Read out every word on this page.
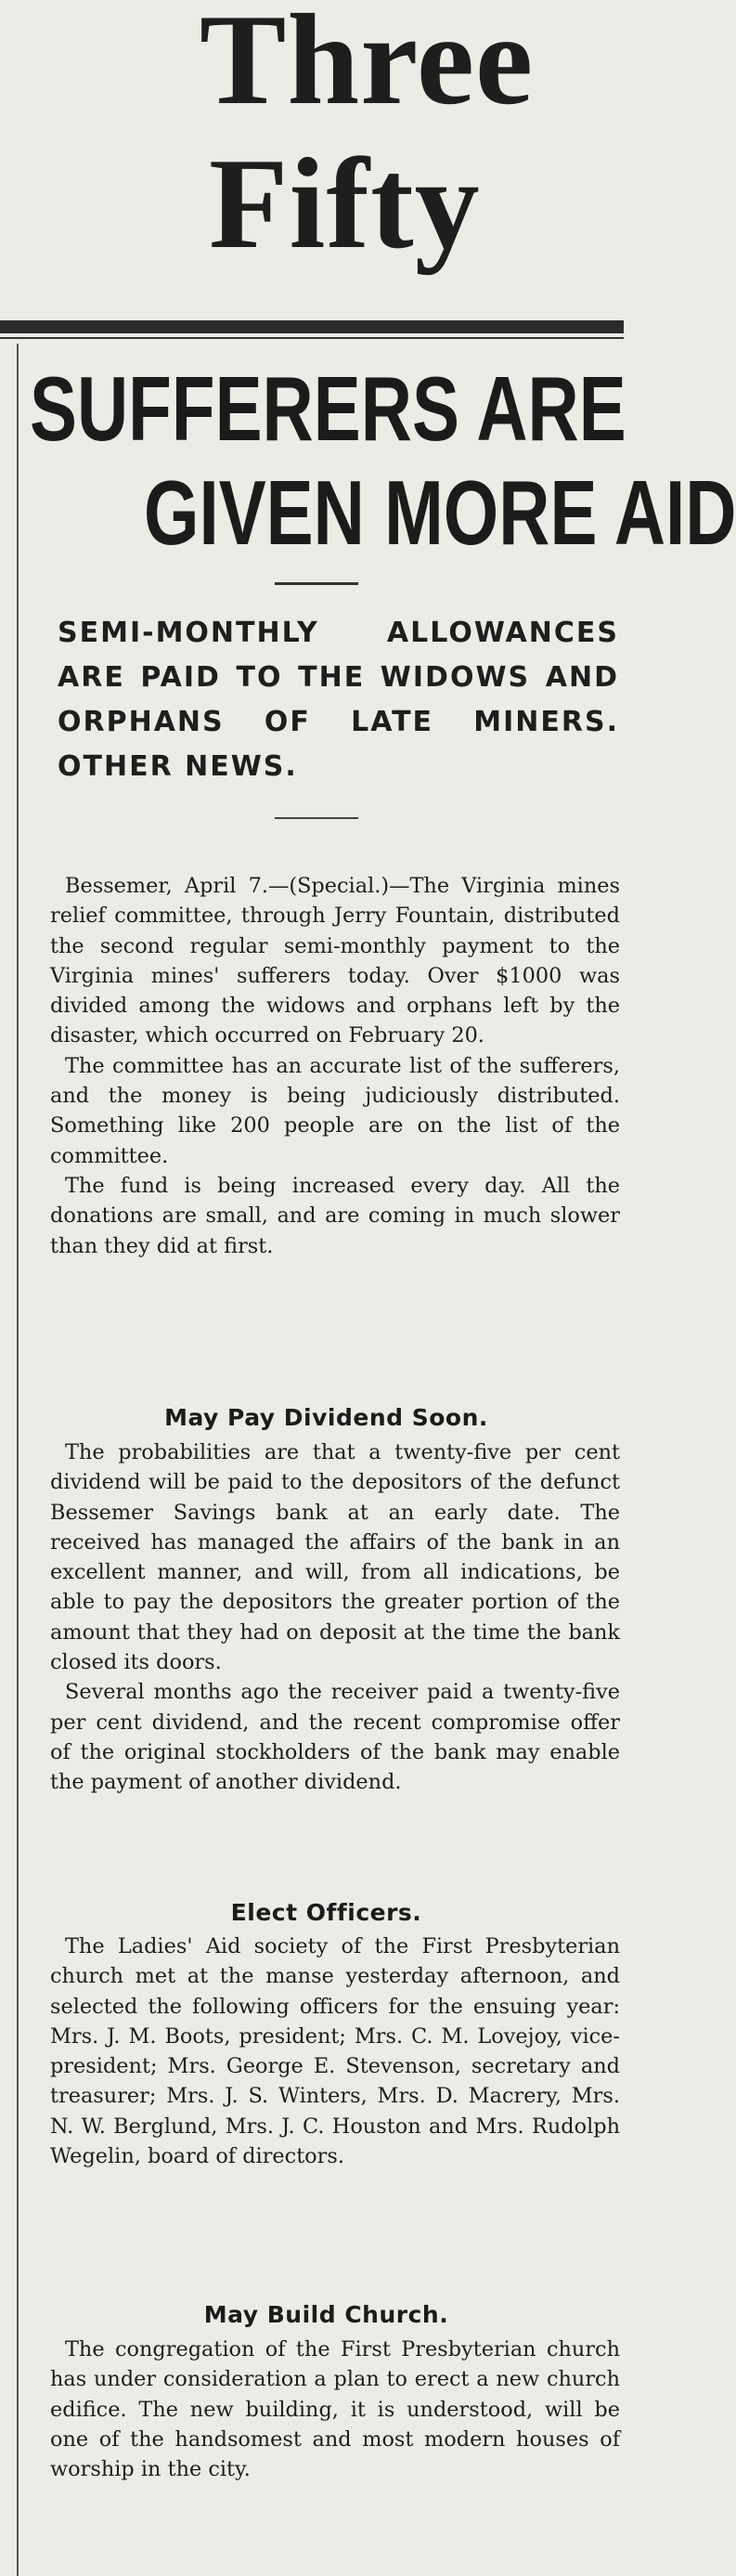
Three
Fifty
SUFFERERS ARE
GIVEN MORE AID
SEMI-MONTHLY ALLOWANCES ARE PAID TO THE WIDOWS AND ORPHANS OF LATE MINERS. OTHER NEWS.

Bessemer, April 7.—(Special.)—The Virginia mines relief committee, through Jerry Fountain, distributed the second regular semi-monthly payment to the Virginia mines' sufferers today. Over $1000 was divided among the widows and orphans left by the disaster, which occurred on February 20.

The committee has an accurate list of the sufferers, and the money is being judiciously distributed. Something like 200 people are on the list of the committee.

The fund is being increased every day. All the donations are small, and are coming in much slower than they did at first.

May Pay Dividend Soon.

The probabilities are that a twenty-five per cent dividend will be paid to the depositors of the defunct Bessemer Savings bank at an early date. The received has managed the affairs of the bank in an excellent manner, and will, from all indications, be able to pay the depositors the greater portion of the amount that they had on deposit at the time the bank closed its doors.

Several months ago the receiver paid a twenty-five per cent dividend, and the recent compromise offer of the original stockholders of the bank may enable the payment of another dividend.

Elect Officers.

The Ladies' Aid society of the First Presbyterian church met at the manse yesterday afternoon, and selected the following officers for the ensuing year: Mrs. J. M. Boots, president; Mrs. C. M. Lovejoy, vice-president; Mrs. George E. Stevenson, secretary and treasurer; Mrs. J. S. Winters, Mrs. D. Macrery, Mrs. N. W. Berglund, Mrs. J. C. Houston and Mrs. Rudolph Wegelin, board of directors.

May Build Church.

The congregation of the First Presbyterian church has under consideration a plan to erect a new church edifice. The new building, it is understood, will be one of the handsomest and most modern houses of worship in the city.
